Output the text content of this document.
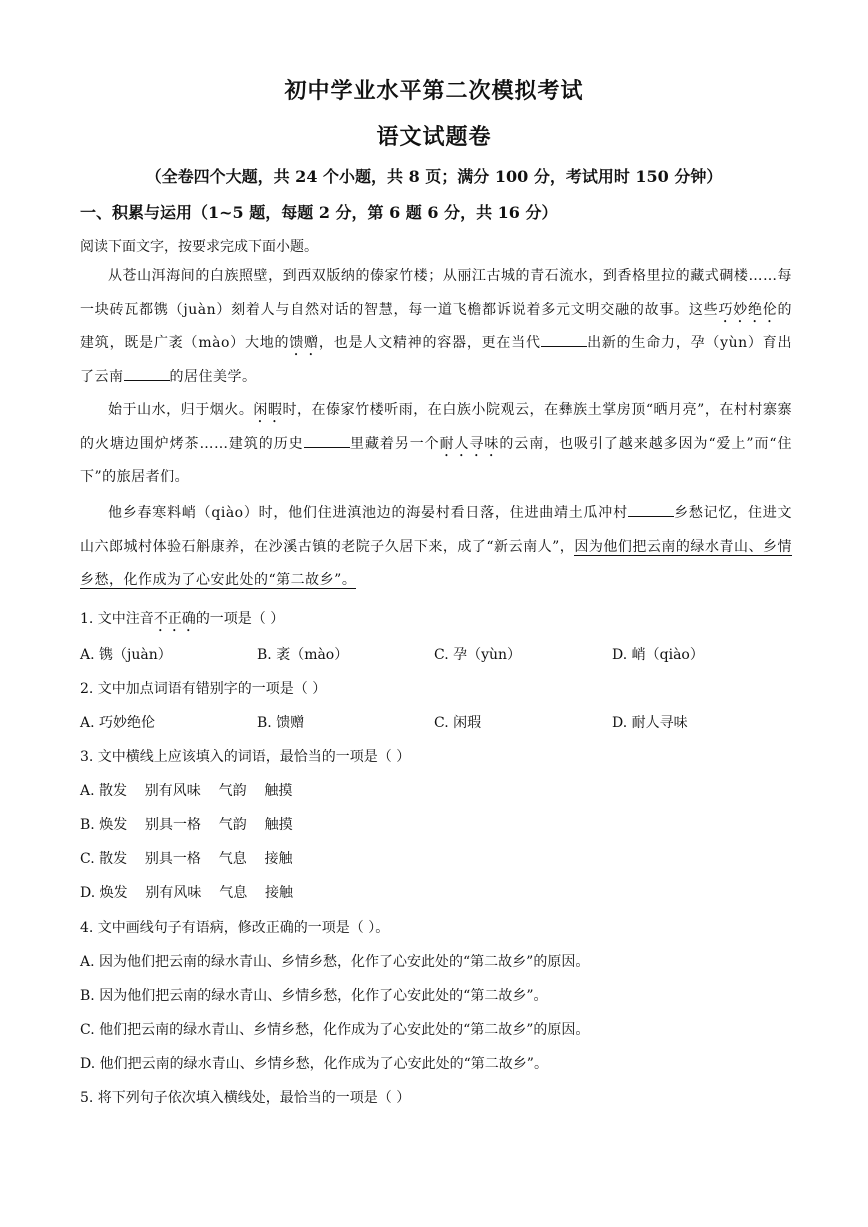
初中学业水平第二次模拟考试
语文试题卷
（全卷四个大题，共 24 个小题，共 8 页；满分 100 分，考试用时 150 分钟）
一、积累与运用（1~5 题，每题 2 分，第 6 题 6 分，共 16 分）
阅读下面文字，按要求完成下面小题。
从苍山洱海间的白族照壁，到西双版纳的傣家竹楼；从丽江古城的青石流水，到香格里拉的藏式碉楼……每一块砖瓦都镌（juàn）刻着人与自然对话的智慧，每一道飞檐都诉说着多元文明交融的故事。这些巧妙绝伦的建筑，既是广袤（mào）大地的馈赠，也是人文精神的容器，更在当代	出新的生命力，孕（yùn）育出了云南	的居住美学。
始于山水，归于烟火。闲暇时，在傣家竹楼听雨，在白族小院观云，在彝族土掌房顶“晒月亮”，在村村寨寨的火塘边围炉烤茶……建筑的历史	里藏着另一个耐人寻味的云南，也吸引了越来越多因为“爱上”而“住下”的旅居者们。
他乡春寒料峭（qiào）时，他们住进滇池边的海晏村看日落，住进曲靖土瓜冲村	乡愁记忆，住进文山六郎城村体验石斛康养，在沙溪古镇的老院子久居下来，成了“新云南人”，因为他们把云南的绿水青山、乡情乡愁，化作成为了心安此处的“第二故乡”。
1. 文中注音不正确的一项是（ ）
A. 镌（juàn）	B. 袤（mào）	C. 孕（yùn）	D. 峭（qiào）
2. 文中加点词语有错别字的一项是（ ）
A. 巧妙绝伦	B. 馈赠	C. 闲瑕	D. 耐人寻味
3. 文中横线上应该填入的词语，最恰当的一项是（ ）
A. 散发    别有风味    气韵    触摸
B. 焕发    别具一格    气韵    触摸
C. 散发    别具一格    气息    接触
D. 焕发    别有风味    气息    接触
4. 文中画线句子有语病，修改正确的一项是（ ）。
A. 因为他们把云南的绿水青山、乡情乡愁，化作了心安此处的“第二故乡”的原因。
B. 因为他们把云南的绿水青山、乡情乡愁，化作了心安此处的“第二故乡”。
C. 他们把云南的绿水青山、乡情乡愁，化作成为了心安此处的“第二故乡”的原因。
D. 他们把云南的绿水青山、乡情乡愁，化作成为了心安此处的“第二故乡”。
5. 将下列句子依次填入横线处，最恰当的一项是（ ）
